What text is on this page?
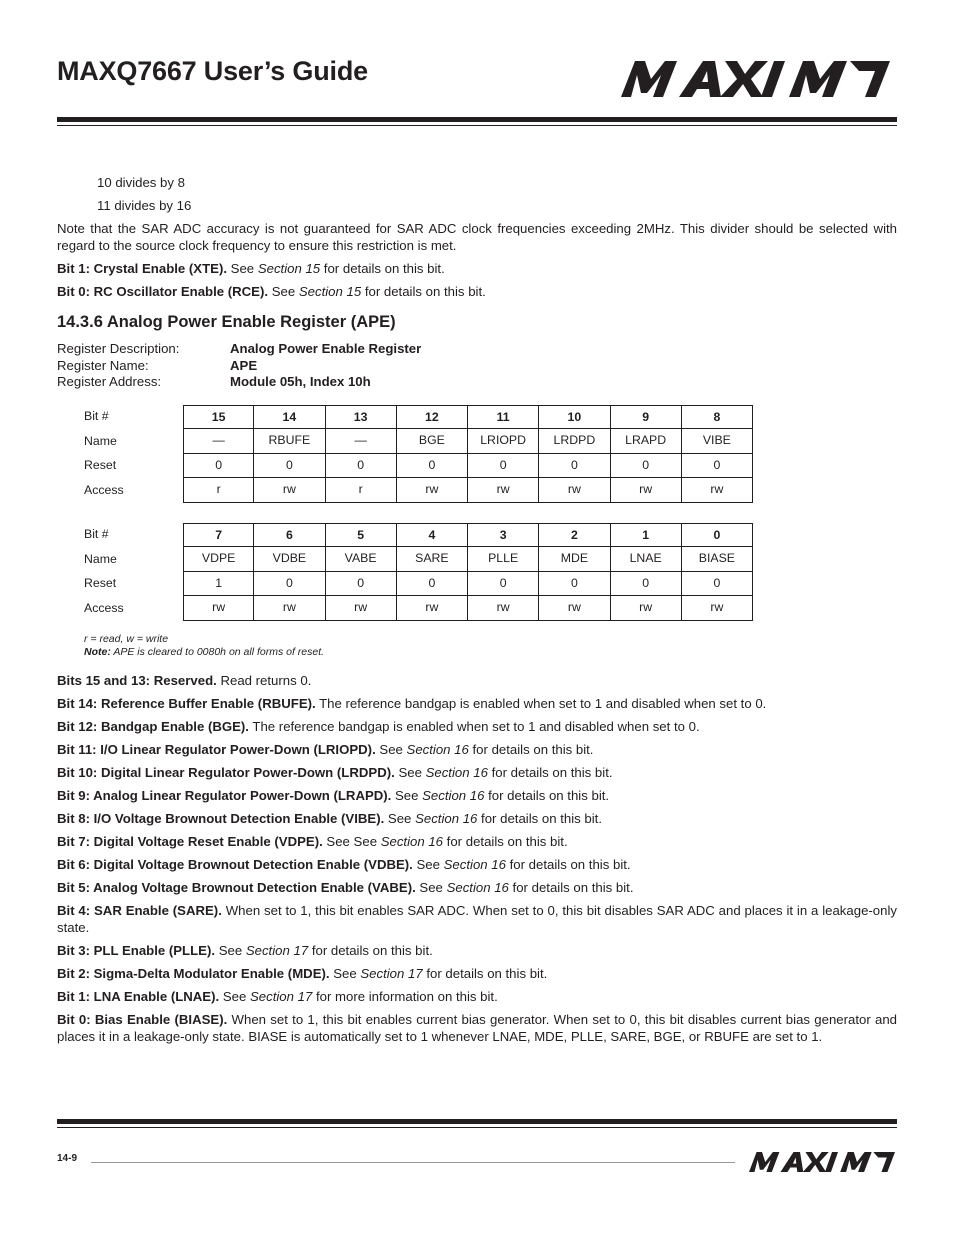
MAXQ7667 User’s Guide

10 divides by 8

11 divides by 16

Note that the SAR ADC accuracy is not guaranteed for SAR ADC clock frequencies exceeding 2MHz. This divider should be selected with regard to the source clock frequency to ensure this restriction is met.

Bit 1: Crystal Enable (XTE). See Section 15 for details on this bit.

Bit 0: RC Oscillator Enable (RCE). See Section 15 for details on this bit.

14.3.6 Analog Power Enable Register (APE)
Register Description:	Analog Power Enable Register
Register Name:	APE
Register Address:	Module 05h, Index 10h
Bit #	15	14	13	12	11	10	9	8
Name	—	RBUFE	—	BGE	LRIOPD	LRDPD	LRAPD	VIBE
Reset	0	0	0	0	0	0	0	0
Access	r	rw	r	rw	rw	rw	rw	rw
Bit #	7	6	5	4	3	2	1	0
Name	VDPE	VDBE	VABE	SARE	PLLE	MDE	LNAE	BIASE
Reset	1	0	0	0	0	0	0	0
Access	rw	rw	rw	rw	rw	rw	rw	rw
r = read, w = write
Note: APE is cleared to 0080h on all forms of reset.

Bits 15 and 13: Reserved. Read returns 0.

Bit 14: Reference Buffer Enable (RBUFE). The reference bandgap is enabled when set to 1 and disabled when set to 0.

Bit 12: Bandgap Enable (BGE). The reference bandgap is enabled when set to 1 and disabled when set to 0.

Bit 11: I/O Linear Regulator Power-Down (LRIOPD). See Section 16 for details on this bit.

Bit 10: Digital Linear Regulator Power-Down (LRDPD). See Section 16 for details on this bit.

Bit 9: Analog Linear Regulator Power-Down (LRAPD). See Section 16 for details on this bit.

Bit 8: I/O Voltage Brownout Detection Enable (VIBE). See Section 16 for details on this bit.

Bit 7: Digital Voltage Reset Enable (VDPE). See See Section 16 for details on this bit.

Bit 6: Digital Voltage Brownout Detection Enable (VDBE). See Section 16 for details on this bit.

Bit 5: Analog Voltage Brownout Detection Enable (VABE). See Section 16 for details on this bit.

Bit 4: SAR Enable (SARE). When set to 1, this bit enables SAR ADC. When set to 0, this bit disables SAR ADC and places it in a leakage-only state.

Bit 3: PLL Enable (PLLE). See Section 17 for details on this bit.

Bit 2: Sigma-Delta Modulator Enable (MDE). See Section 17 for details on this bit.

Bit 1: LNA Enable (LNAE). See Section 17 for more information on this bit.

Bit 0: Bias Enable (BIASE). When set to 1, this bit enables current bias generator. When set to 0, this bit disables current bias generator and places it in a leakage-only state. BIASE is automatically set to 1 whenever LNAE, MDE, PLLE, SARE, BGE, or RBUFE are set to 1.

14-9
